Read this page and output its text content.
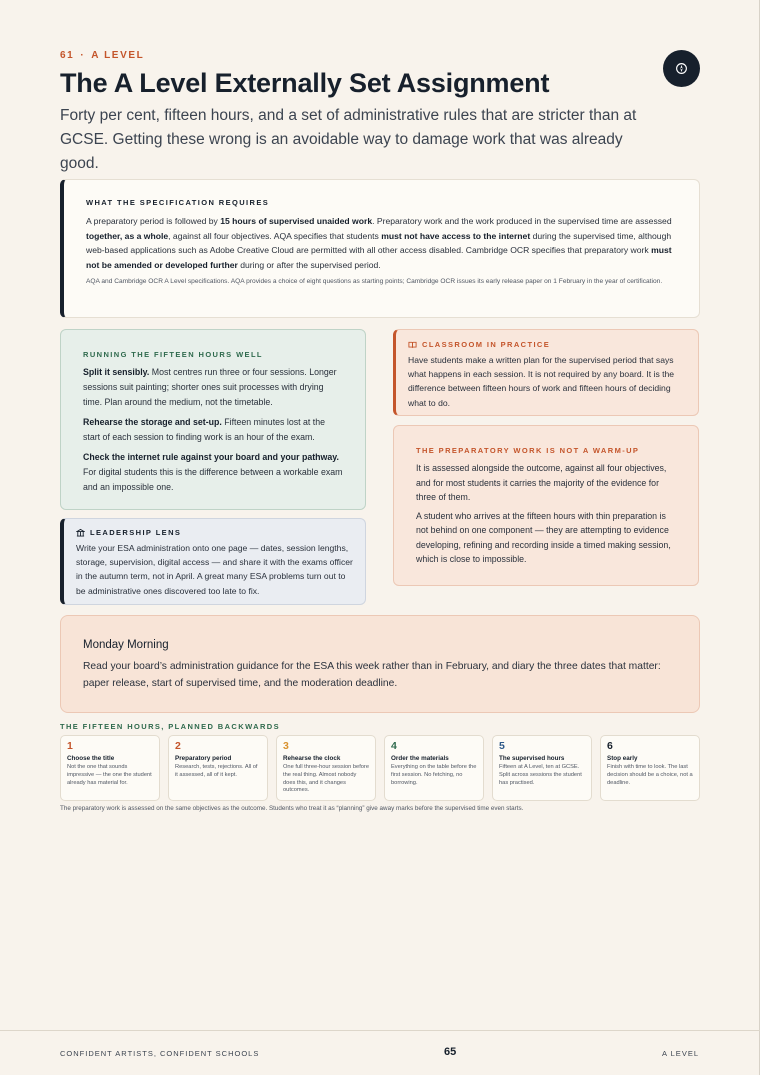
61 · A LEVEL
The A Level Externally Set Assignment

Forty per cent, fifteen hours, and a set of administrative rules that are stricter than at GCSE. Getting these wrong is an avoidable way to damage work that was already good.

WHAT THE SPECIFICATION REQUIRES

A preparatory period is followed by 15 hours of supervised unaided work. Preparatory work and the work produced in the supervised time are assessed together, as a whole, against all four objectives. AQA specifies that students must not have access to the internet during the supervised time, although web-based applications such as Adobe Creative Cloud are permitted with all other access disabled. Cambridge OCR specifies that preparatory work must not be amended or developed further during or after the supervised period.

AQA and Cambridge OCR A Level specifications. AQA provides a choice of eight questions as starting points; Cambridge OCR issues its early release paper on 1 February in the year of certification.

RUNNING THE FIFTEEN HOURS WELL

Split it sensibly. Most centres run three or four sessions. Longer sessions suit painting; shorter ones suit processes with drying time. Plan around the medium, not the timetable.

Rehearse the storage and set-up. Fifteen minutes lost at the start of each session to finding work is an hour of the exam.

Check the internet rule against your board and your pathway. For digital students this is the difference between a workable exam and an impossible one.

LEADERSHIP LENS

Write your ESA administration onto one page — dates, session lengths, storage, supervision, digital access — and share it with the exams officer in the autumn term, not in April. A great many ESA problems turn out to be administrative ones discovered too late to fix.

CLASSROOM IN PRACTICE

Have students make a written plan for the supervised period that says what happens in each session. It is not required by any board. It is the difference between fifteen hours of work and fifteen hours of deciding what to do.

THE PREPARATORY WORK IS NOT A WARM-UP

It is assessed alongside the outcome, against all four objectives, and for most students it carries the majority of the evidence for three of them.

A student who arrives at the fifteen hours with thin preparation is not behind on one component — they are attempting to evidence developing, refining and recording inside a timed making session, which is close to impossible.

Monday Morning

Read your board’s administration guidance for the ESA this week rather than in February, and diary the three dates that matter: paper release, start of supervised time, and the moderation deadline.

THE FIFTEEN HOURS, PLANNED BACKWARDS
1
Choose the title
Not the one that sounds impressive — the one the student already has material for.
2
Preparatory period
Research, tests, rejections. All of it assessed, all of it kept.
3
Rehearse the clock
One full three-hour session before the real thing. Almost nobody does this, and it changes outcomes.
4
Order the materials
Everything on the table before the first session. No fetching, no borrowing.
5
The supervised hours
Fifteen at A Level, ten at GCSE. Split across sessions the student has practised.
6
Stop early
Finish with time to look. The last decision should be a choice, not a deadline.

The preparatory work is assessed on the same objectives as the outcome. Students who treat it as “planning” give away marks before the supervised time even starts.

CONFIDENT ARTISTS, CONFIDENT SCHOOLS	65	A LEVEL
